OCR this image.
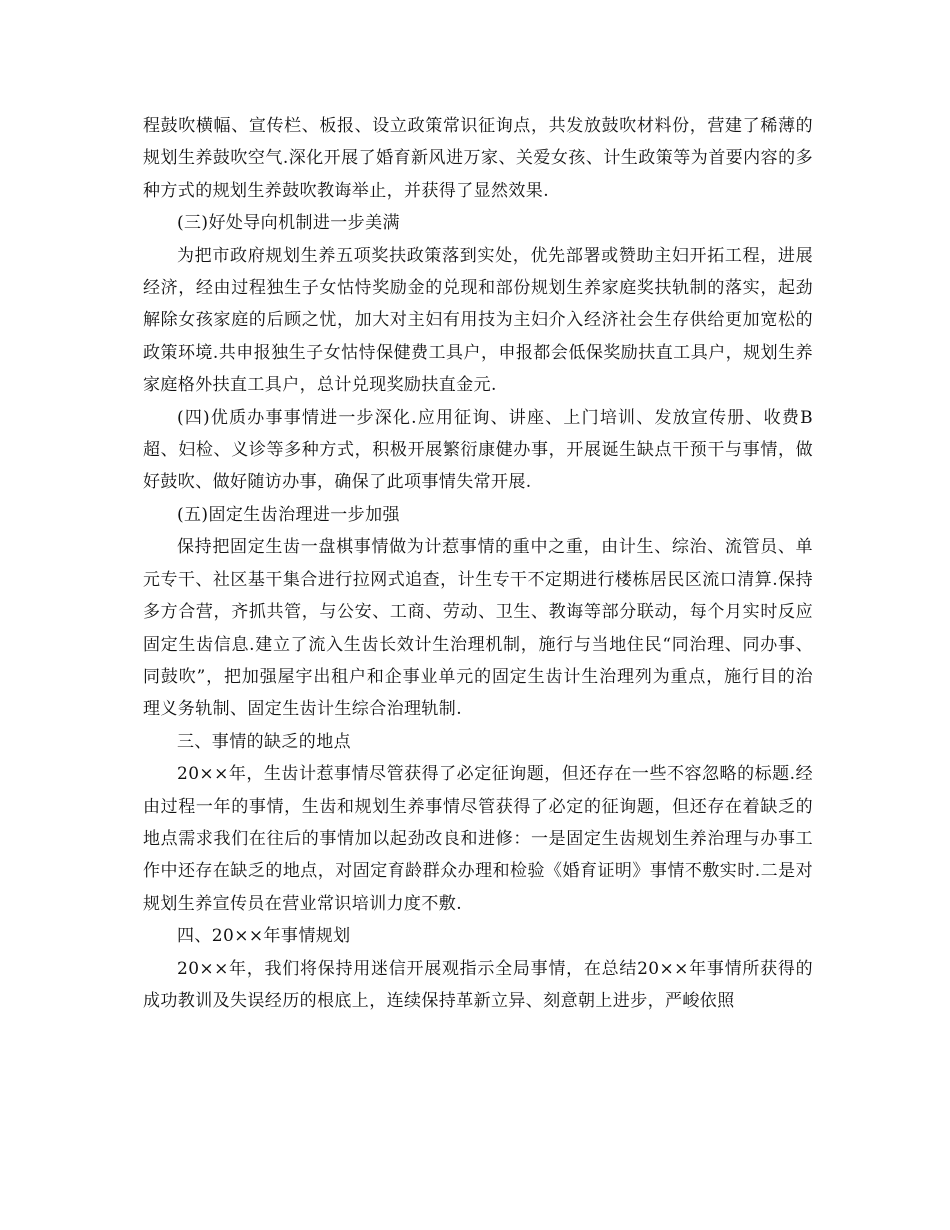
程鼓吹横幅、宣传栏、板报、设立政策常识征询点，共发放鼓吹材料份，营建了稀薄的规划生养鼓吹空气.深化开展了婚育新风进万家、关爱女孩、计生政策等为首要内容的多种方式的规划生养鼓吹教诲举止，并获得了显然效果.

(三)好处导向机制进一步美满

为把市政府规划生养五项奖扶政策落到实处，优先部署或赞助主妇开拓工程，进展经济，经由过程独生子女怙恃奖励金的兑现和部份规划生养家庭奖扶轨制的落实，起劲解除女孩家庭的后顾之忧，加大对主妇有用技为主妇介入经济社会生存供给更加宽松的政策环境.共申报独生子女怙恃保健费工具户，申报都会低保奖励扶直工具户，规划生养家庭格外扶直工具户，总计兑现奖励扶直金元.

(四)优质办事事情进一步深化.应用征询、讲座、上门培训、发放宣传册、收费B超、妇检、义诊等多种方式，积极开展繁衍康健办事，开展诞生缺点干预干与事情，做好鼓吹、做好随访办事，确保了此项事情失常开展.

(五)固定生齿治理进一步加强

保持把固定生齿一盘棋事情做为计惹事情的重中之重，由计生、综治、流管员、单元专干、社区基干集合进行拉网式追查，计生专干不定期进行楼栋居民区流口清算.保持多方合营，齐抓共管，与公安、工商、劳动、卫生、教诲等部分联动，每个月实时反应固定生齿信息.建立了流入生齿长效计生治理机制，施行与当地住民“同治理、同办事、同鼓吹”，把加强屋宇出租户和企事业单元的固定生齿计生治理列为重点，施行目的治理义务轨制、固定生齿计生综合治理轨制.

三、事情的缺乏的地点

20××年，生齿计惹事情尽管获得了必定征询题，但还存在一些不容忽略的标题.经由过程一年的事情，生齿和规划生养事情尽管获得了必定的征询题，但还存在着缺乏的地点需求我们在往后的事情加以起劲改良和进修：一是固定生齿规划生养治理与办事工作中还存在缺乏的地点，对固定育龄群众办理和检验《婚育证明》事情不敷实时.二是对规划生养宣传员在营业常识培训力度不敷.

四、20××年事情规划

20××年，我们将保持用迷信开展观指示全局事情，在总结20××年事情所获得的成功教训及失误经历的根底上，连续保持革新立异、刻意朝上进步，严峻依照
